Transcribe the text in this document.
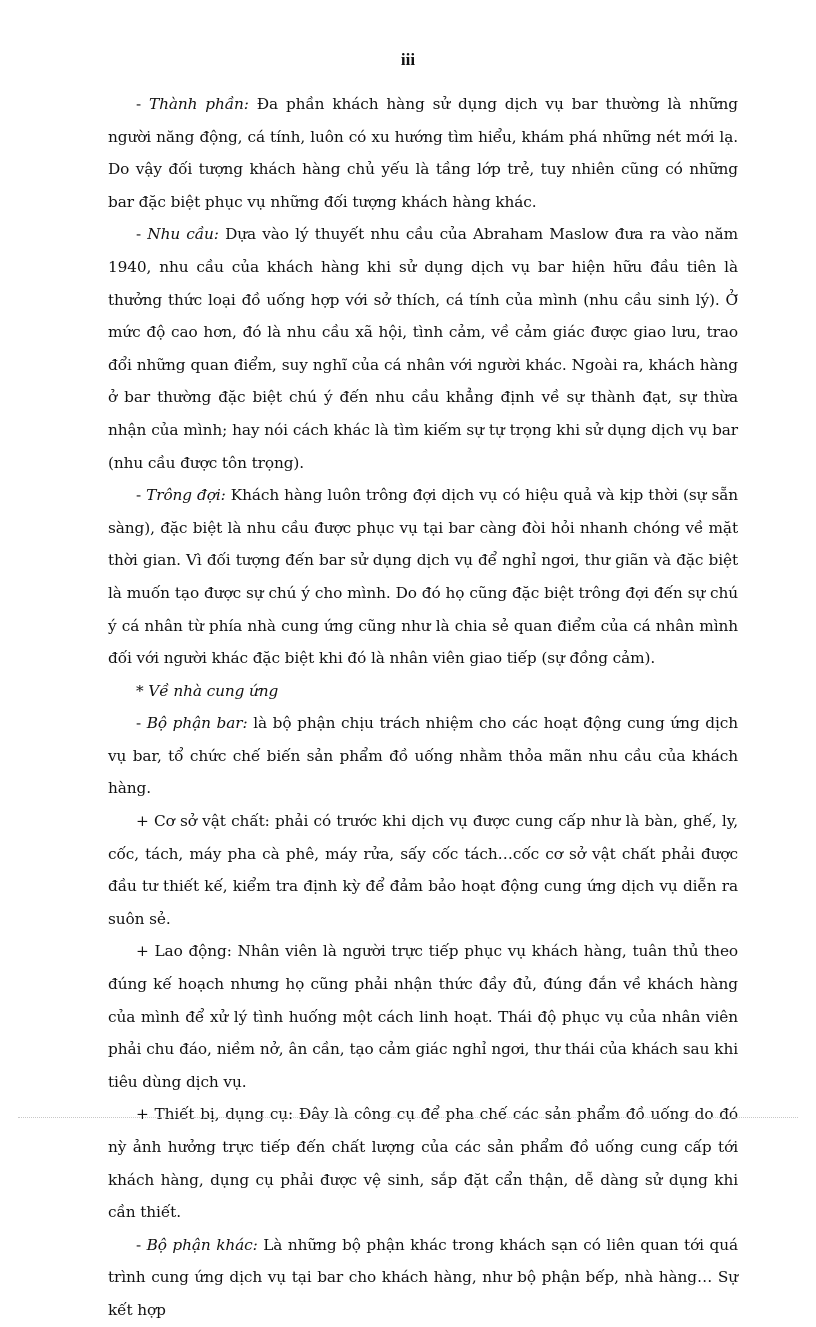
iii

- Thành phần: Đa phần khách hàng sử dụng dịch vụ bar thường là những người năng động, cá tính, luôn có xu hướng tìm hiểu, khám phá những nét mới lạ. Do vậy đối tượng khách hàng chủ yếu là tầng lớp trẻ, tuy nhiên cũng có những bar đặc biệt phục vụ những đối tượng khách hàng khác.

- Nhu cầu: Dựa vào lý thuyết nhu cầu của Abraham Maslow đưa ra vào năm 1940, nhu cầu của khách hàng khi sử dụng dịch vụ bar hiện hữu đầu tiên là thưởng thức loại đồ uống hợp với sở thích, cá tính của mình (nhu cầu sinh lý). Ở mức độ cao hơn, đó là nhu cầu xã hội, tình cảm, về cảm giác được giao lưu, trao đổi những quan điểm, suy nghĩ của cá nhân với người khác. Ngoài ra, khách hàng ở bar thường đặc biệt chú ý đến nhu cầu khẳng định về sự thành đạt, sự thừa nhận của mình; hay nói cách khác là tìm kiếm sự tự trọng khi sử dụng dịch vụ bar (nhu cầu được tôn trọng).

- Trông đợi: Khách hàng luôn trông đợi dịch vụ có hiệu quả và kịp thời (sự sẵn sàng), đặc biệt là nhu cầu được phục vụ tại bar càng đòi hỏi nhanh chóng về mặt thời gian. Vì đối tượng đến bar sử dụng dịch vụ để nghỉ ngơi, thư giãn và đặc biệt là muốn tạo được sự chú ý cho mình. Do đó họ cũng đặc biệt trông đợi đến sự chú ý cá nhân từ phía nhà cung ứng cũng như là chia sẻ quan điểm của cá nhân mình đối với người khác đặc biệt khi đó là nhân viên giao tiếp (sự đồng cảm).

* Về nhà cung ứng

- Bộ phận bar: là bộ phận chịu trách nhiệm cho các hoạt động cung ứng dịch vụ bar, tổ chức chế biến sản phẩm đồ uống nhằm thỏa mãn nhu cầu của khách hàng.

+ Cơ sở vật chất: phải có trước khi dịch vụ được cung cấp như là bàn, ghế, ly, cốc, tách, máy pha cà phê, máy rửa, sấy cốc tách…cốc cơ sở vật chất phải được đầu tư thiết kế, kiểm tra định kỳ để đảm bảo hoạt động cung ứng dịch vụ diễn ra suôn sẻ.

+ Lao động: Nhân viên là người trực tiếp phục vụ khách hàng, tuân thủ theo đúng kế hoạch nhưng họ cũng phải nhận thức đầy đủ, đúng đắn về khách hàng của mình để xử lý tình huống một cách linh hoạt. Thái độ phục vụ của nhân viên phải chu đáo, niềm nở, ân cần, tạo cảm giác nghỉ ngơi, thư thái của khách sau khi tiêu dùng dịch vụ.

+ Thiết bị, dụng cụ: Đây là công cụ để pha chế các sản phẩm đồ uống do đó nỳ ảnh hưởng trực tiếp đến chất lượng của các sản phẩm đồ uống cung cấp tới khách hàng, dụng cụ phải được vệ sinh, sắp đặt cẩn thận, dễ dàng sử dụng khi cần thiết.

- Bộ phận khác: Là những bộ phận khác trong khách sạn có liên quan tới quá trình cung ứng dịch vụ tại bar cho khách hàng, như bộ phận bếp, nhà hàng… Sự kết hợp
